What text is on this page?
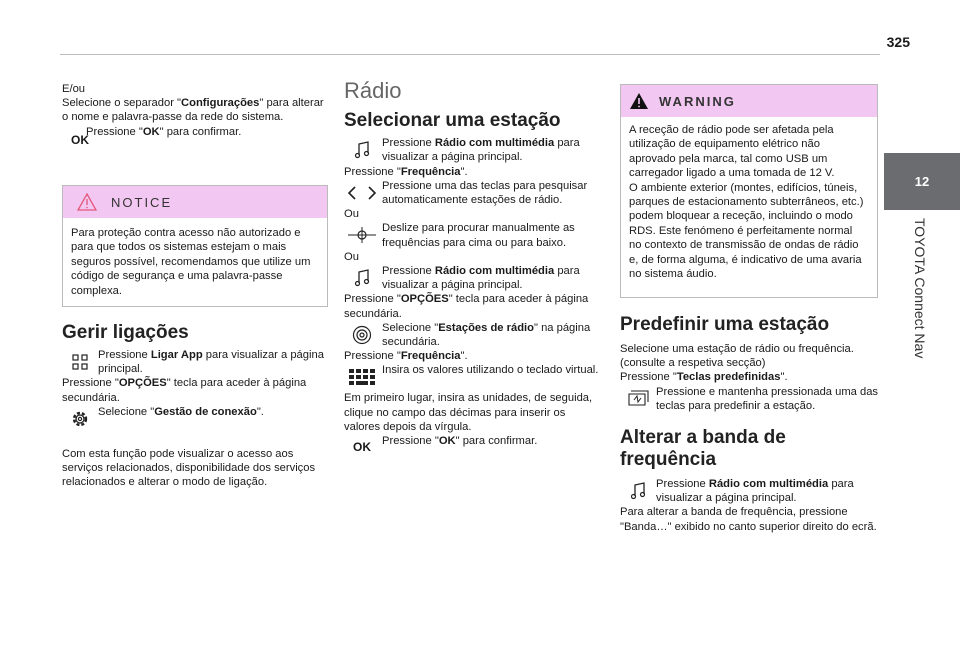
325
12
TOYOTA Connect Nav

E/ou

Selecione o separador "Configurações" para alterar o nome e palavra-passe da rede do sistema.

OK

Pressione "OK" para confirmar.

NOTICE
Para proteção contra acesso não autorizado e para que todos os sistemas estejam o mais seguros possível, recomendamos que utilize um código de segurança e uma palavra-passe complexa.
Gerir ligações

Pressione Ligar App para visualizar a página principal.

Pressione "OPÇÕES" tecla para aceder à página secundária.

Selecione "Gestão de conexão".

Com esta função pode visualizar o acesso aos serviços relacionados, disponibilidade dos serviços relacionados e alterar o modo de ligação.

Rádio
Selecionar uma estação

Pressione Rádio com multimédia para visualizar a página principal.

Pressione "Frequência".

Pressione uma das teclas para pesquisar automaticamente estações de rádio.

Ou

Deslize para procurar manualmente as frequências para cima ou para baixo.

Ou

Pressione Rádio com multimédia para visualizar a página principal.

Pressione "OPÇÕES" tecla para aceder à página secundária.

Selecione "Estações de rádio" na página secundária.

Pressione "Frequência".

Insira os valores utilizando o teclado virtual.

Em primeiro lugar, insira as unidades, de seguida, clique no campo das décimas para inserir os valores depois da vírgula.

OK Pressione "OK" para confirmar.

WARNING

A receção de rádio pode ser afetada pela utilização de equipamento elétrico não aprovado pela marca, tal como USB um carregador ligado a uma tomada de 12 V.

O ambiente exterior (montes, edifícios, túneis, parques de estacionamento subterrâneos, etc.) podem bloquear a receção, incluindo o modo RDS. Este fenómeno é perfeitamente normal no contexto de transmissão de ondas de rádio e, de forma alguma, é indicativo de uma avaria no sistema áudio.

Predefinir uma estação

Selecione uma estação de rádio ou frequência. (consulte a respetiva secção)

Pressione "Teclas predefinidas".

Pressione e mantenha pressionada uma das teclas para predefinir a estação.

Alterar a banda de frequência

Pressione Rádio com multimédia para visualizar a página principal.

Para alterar a banda de frequência, pressione "Banda…" exibido no canto superior direito do ecrã.
